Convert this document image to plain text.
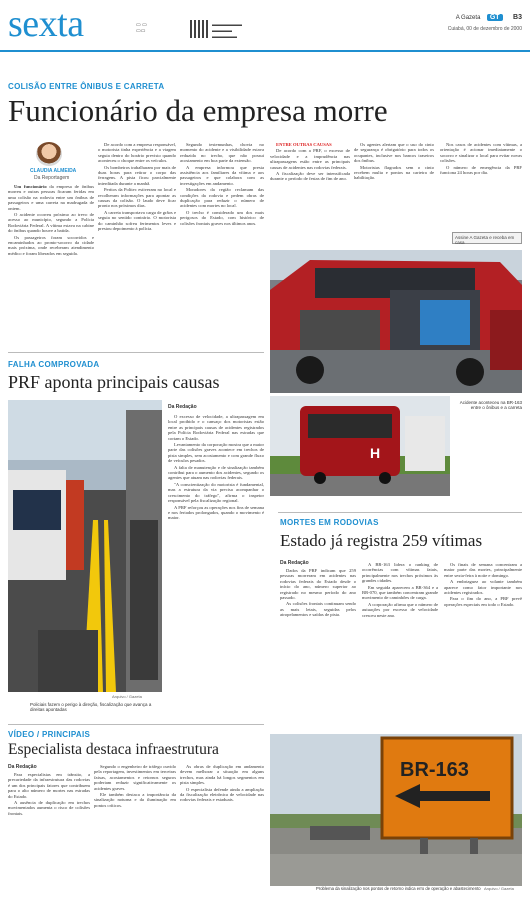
sexta	▭ ▭
▭▭
▬▬▬▬▬▬
▬▬▬▬
▬▬▬▬▬
A Gazeta GT B3
Cuiabá, 00 de dezembro de 2000
COLISÃO ENTRE ÔNIBUS E CARRETA
Funcionário da empresa morre
CLAUDIA ALMEIDA
Da Reportagem

Um funcionário da empresa de ônibus morreu e outras pessoas ficaram feridas em uma colisão na rodovia entre um ônibus de passageiros e uma carreta na madrugada de ontem.

O acidente ocorreu próximo ao trevo de acesso ao município, segundo a Polícia Rodoviária Federal. A vítima estava na cabine do ônibus quando houve a batida.

Os passageiros foram socorridos e encaminhados ao pronto-socorro da cidade mais próxima, onde receberam atendimento médico e foram liberados em seguida.

De acordo com a empresa responsável, o motorista tinha experiência e a viagem seguia dentro do horário previsto quando aconteceu o choque entre os veículos.

Os bombeiros trabalharam por mais de duas horas para retirar o corpo das ferragens. A pista ficou parcialmente interditada durante a manhã.

Peritos da Politec estiveram no local e recolheram informações para apontar as causas da colisão. O laudo deve ficar pronto nos próximos dias.

A carreta transportava carga de grãos e seguia no sentido contrário. O motorista do caminhão sofreu ferimentos leves e prestou depoimento à polícia.

Segundo testemunhas, chovia no momento do acidente e a visibilidade estava reduzida no trecho, que não possui acostamento em boa parte da extensão.

A empresa informou que presta assistência aos familiares da vítima e aos passageiros e que colabora com as investigações em andamento.

Moradores da região reclamam das condições da rodovia e pedem obras de duplicação para reduzir o número de acidentes com mortes no local.

O trecho é considerado um dos mais perigosos do Estado, com histórico de colisões frontais graves nos últimos anos.

ENTRE OUTRAS CAUSAS

De acordo com a PRF, o excesso de velocidade e a imprudência nas ultrapassagens estão entre as principais causas de acidentes nas rodovias federais.

A fiscalização deve ser intensificada durante o período de festas de fim de ano.

Os agentes alertam que o uso do cinto de segurança é obrigatório para todos os ocupantes, inclusive nos bancos traseiros dos ônibus.

Motoristas flagrados sem o cinto recebem multa e pontos na carteira de habilitação.

Nos casos de acidentes com vítimas, a orientação é acionar imediatamente o socorro e sinalizar o local para evitar novas colisões.

O número de emergência da PRF funciona 24 horas por dia.

Assine A Gazeta e receba em casa
H
Acidente aconteceu na BR-163 entre o ônibus e a carreta
FALHA COMPROVADA
PRF aponta principais causas
Arquivo / Gazeta
Policiais fazem o perigo à direção, fiscalização que avança a direitas apontadas
Da Redação

O excesso de velocidade, a ultrapassagem em local proibido e o cansaço dos motoristas estão entre as principais causas de acidentes registrados pela Polícia Rodoviária Federal nas estradas que cortam o Estado.

Levantamento da corporação mostra que a maior parte das colisões graves acontece em trechos de pista simples, sem acostamento e com grande fluxo de veículos pesados.

A falta de manutenção e de sinalização também contribui para o aumento dos acidentes, segundo os agentes que atuam nas rodovias federais.

"A conscientização do motorista é fundamental, mas a estrutura da via precisa acompanhar o crescimento do tráfego", afirma o inspetor responsável pela fiscalização regional.

A PRF reforçou as operações nos fins de semana e nos feriados prolongados, quando o movimento é maior.

MORTES EM RODOVIAS
Estado já registra 259 vítimas
Da Redação

Dados da PRF indicam que 259 pessoas morreram em acidentes nas rodovias federais do Estado desde o início do ano, número superior ao registrado no mesmo período do ano passado.

As colisões frontais continuam sendo as mais letais, seguidas pelos atropelamentos e saídas de pista.

A BR-163 lidera o ranking de ocorrências com vítimas fatais, principalmente nos trechos próximos às grandes cidades.

Em seguida aparecem a BR-364 e a BR-070, que também concentram grande movimento de caminhões de carga.

A corporação afirma que o número de autuações por excesso de velocidade cresceu neste ano.

Os finais de semana concentram a maior parte das mortes, principalmente entre sexta-feira à noite e domingo.

A embriaguez ao volante também aparece como fator importante nos acidentes registrados.

Para o fim do ano, a PRF prevê operações especiais em todo o Estado.

VÍDEO / PRINCIPAIS
Especialista destaca infraestrutura
Da Redação

Para especialistas em trânsito, a precariedade da infraestrutura das rodovias é um dos principais fatores que contribuem para o alto número de mortes nas estradas do Estado.

A ausência de duplicação em trechos movimentados aumenta o risco de colisões frontais.

Segundo o engenheiro de tráfego ouvido pela reportagem, investimentos em terceiras faixas, acostamentos e retornos seguros poderiam reduzir significativamente os acidentes graves.

Ele também destaca a importância da sinalização noturna e da iluminação em pontos críticos.

As obras de duplicação em andamento devem melhorar a situação em alguns trechos, mas ainda há longos segmentos em pista simples.

O especialista defende ainda a ampliação da fiscalização eletrônica de velocidade nas rodovias federais e estaduais.

BR-163
Arquivo / Gazeta
Problema da sinalização nos pontos de retorno indica erro de operação e abastecimento
